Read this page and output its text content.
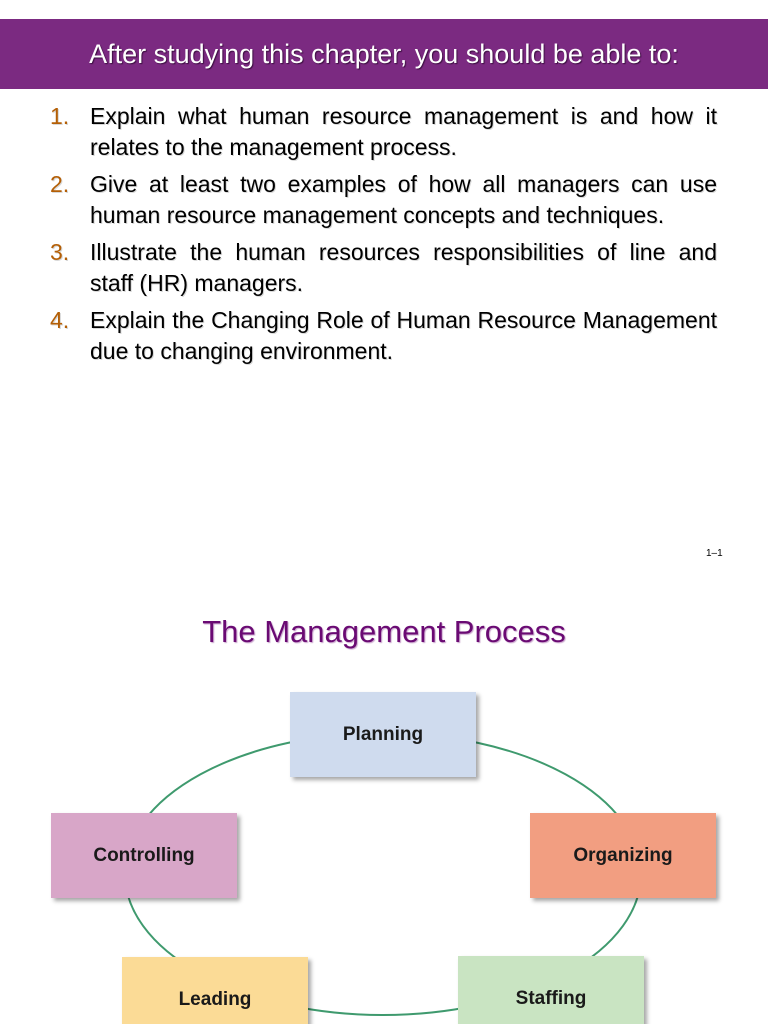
After studying this chapter, you should be able to:
1. Explain what human resource management is and how it relates to the management process.
2. Give at least two examples of how all managers can use human resource management concepts and techniques.
3. Illustrate the human resources responsibilities of line and staff (HR) managers.
4. Explain the Changing Role of Human Resource Management due to changing environment.
1–1
The Management Process
Planning
Organizing
Staffing
Leading
Controlling
